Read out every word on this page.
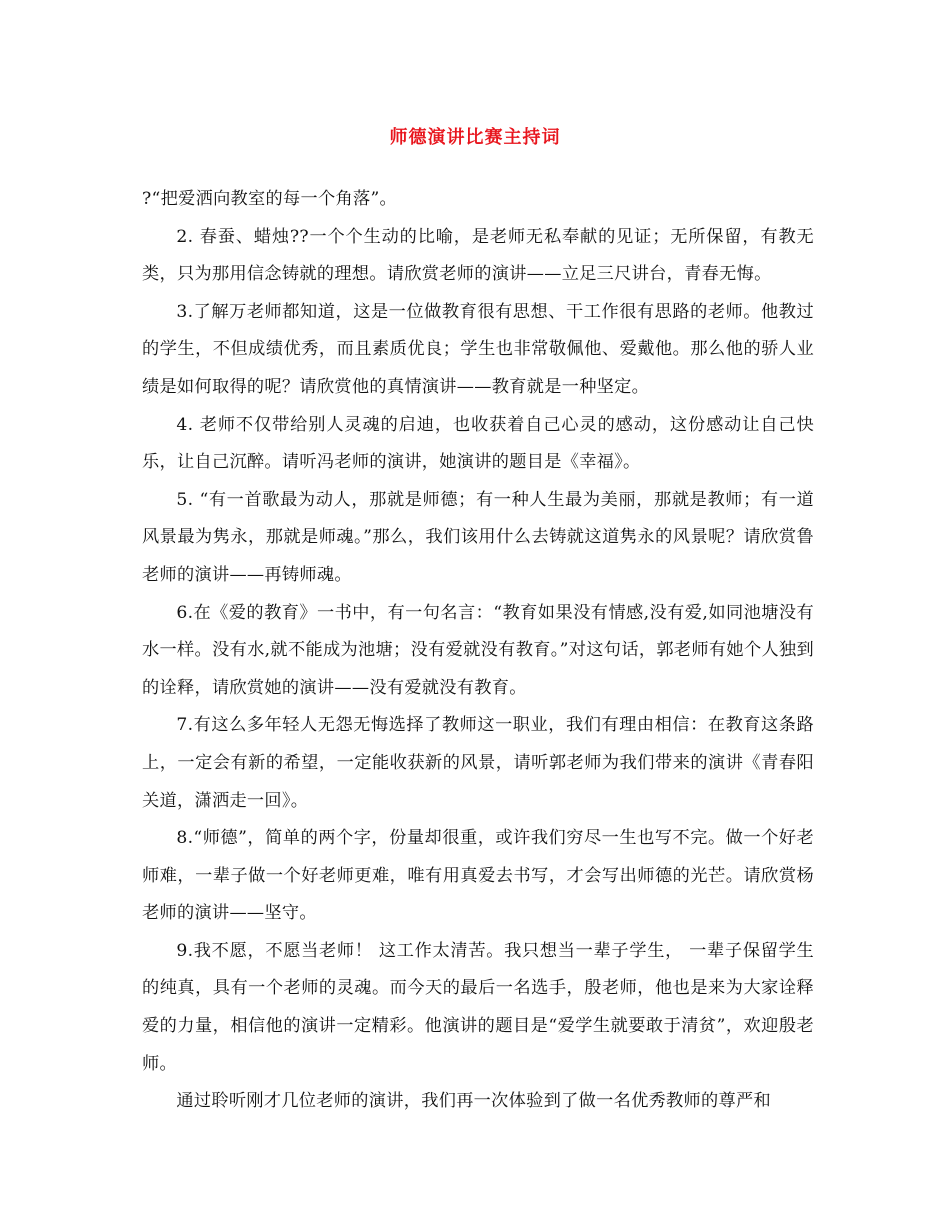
师德演讲比赛主持词

?“把爱洒向教室的每一个角落”。

2. 春蚕、蜡烛??一个个生动的比喻，是老师无私奉献的见证；无所保留，有教无类，只为那用信念铸就的理想。请欣赏老师的演讲——立足三尺讲台，青春无悔。

3.了解万老师都知道，这是一位做教育很有思想、干工作很有思路的老师。他教过的学生，不但成绩优秀，而且素质优良；学生也非常敬佩他、爱戴他。那么他的骄人业绩是如何取得的呢？请欣赏他的真情演讲——教育就是一种坚定。

4. 老师不仅带给别人灵魂的启迪，也收获着自己心灵的感动，这份感动让自己快乐，让自己沉醉。请听冯老师的演讲，她演讲的题目是《幸福》。

5. “有一首歌最为动人，那就是师德；有一种人生最为美丽，那就是教师；有一道风景最为隽永，那就是师魂。”那么，我们该用什么去铸就这道隽永的风景呢？请欣赏鲁老师的演讲——再铸师魂。

6.在《爱的教育》一书中，有一句名言：“教育如果没有情感,没有爱,如同池塘没有水一样。没有水,就不能成为池塘；没有爱就没有教育。”对这句话，郭老师有她个人独到的诠释，请欣赏她的演讲——没有爱就没有教育。

7.有这么多年轻人无怨无悔选择了教师这一职业，我们有理由相信：在教育这条路上，一定会有新的希望，一定能收获新的风景，请听郭老师为我们带来的演讲《青春阳关道，潇洒走一回》。

8.“师德”，简单的两个字，份量却很重，或许我们穷尽一生也写不完。做一个好老师难，一辈子做一个好老师更难，唯有用真爱去书写，才会写出师德的光芒。请欣赏杨老师的演讲——坚守。

9.我不愿，不愿当老师！ 这工作太清苦。我只想当一辈子学生， 一辈子保留学生的纯真，具有一个老师的灵魂。而今天的最后一名选手，殷老师，他也是来为大家诠释爱的力量，相信他的演讲一定精彩。他演讲的题目是“爱学生就要敢于清贫”，欢迎殷老师。

通过聆听刚才几位老师的演讲，我们再一次体验到了做一名优秀教师的尊严和
